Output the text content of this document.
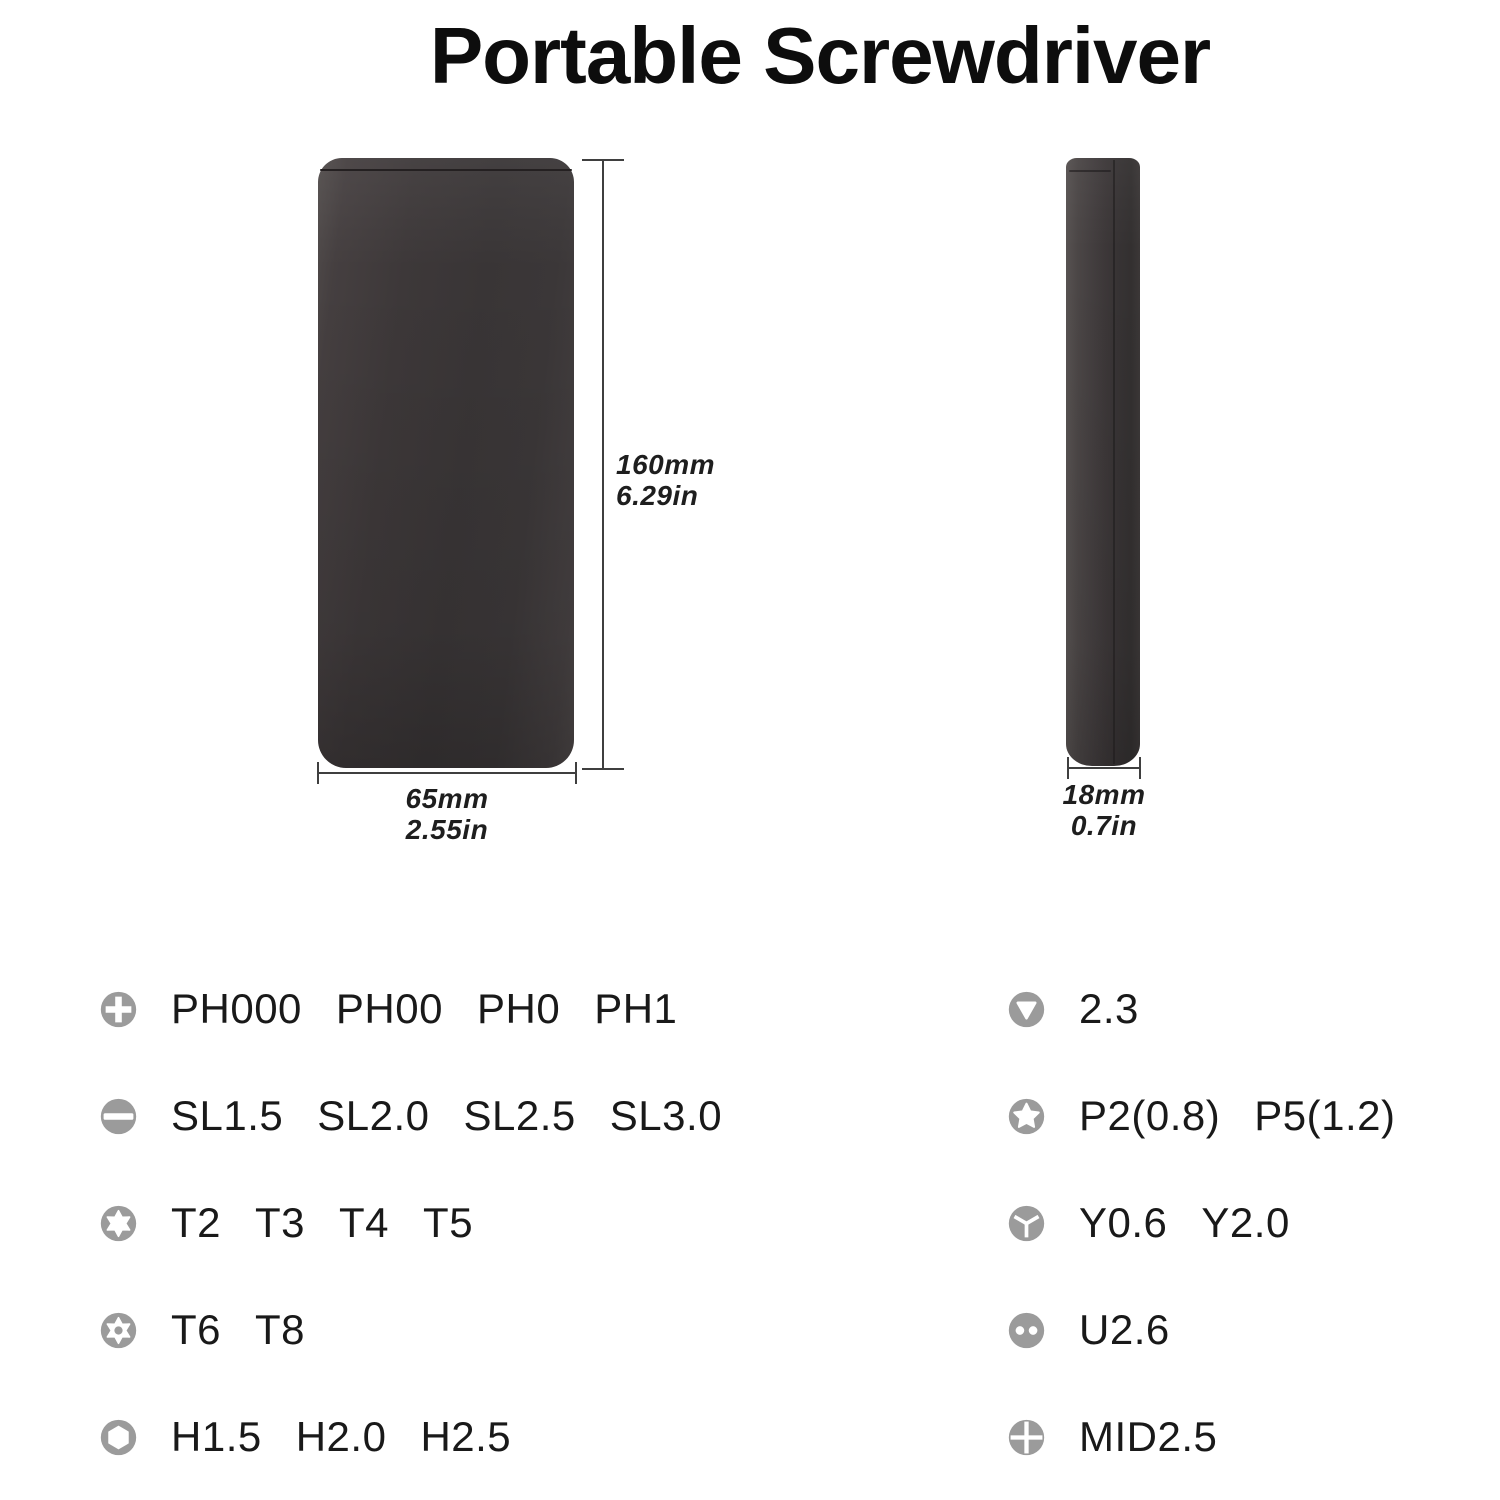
Portable Screwdriver
160mm
6.29in
65mm
2.55in
18mm
0.7in
PH000 PH00 PH0 PH1
SL1.5 SL2.0 SL2.5 SL3.0
T2 T3 T4 T5
T6 T8
H1.5 H2.0 H2.5
2.3
P2(0.8) P5(1.2)
Y0.6 Y2.0
U2.6
MID2.5
